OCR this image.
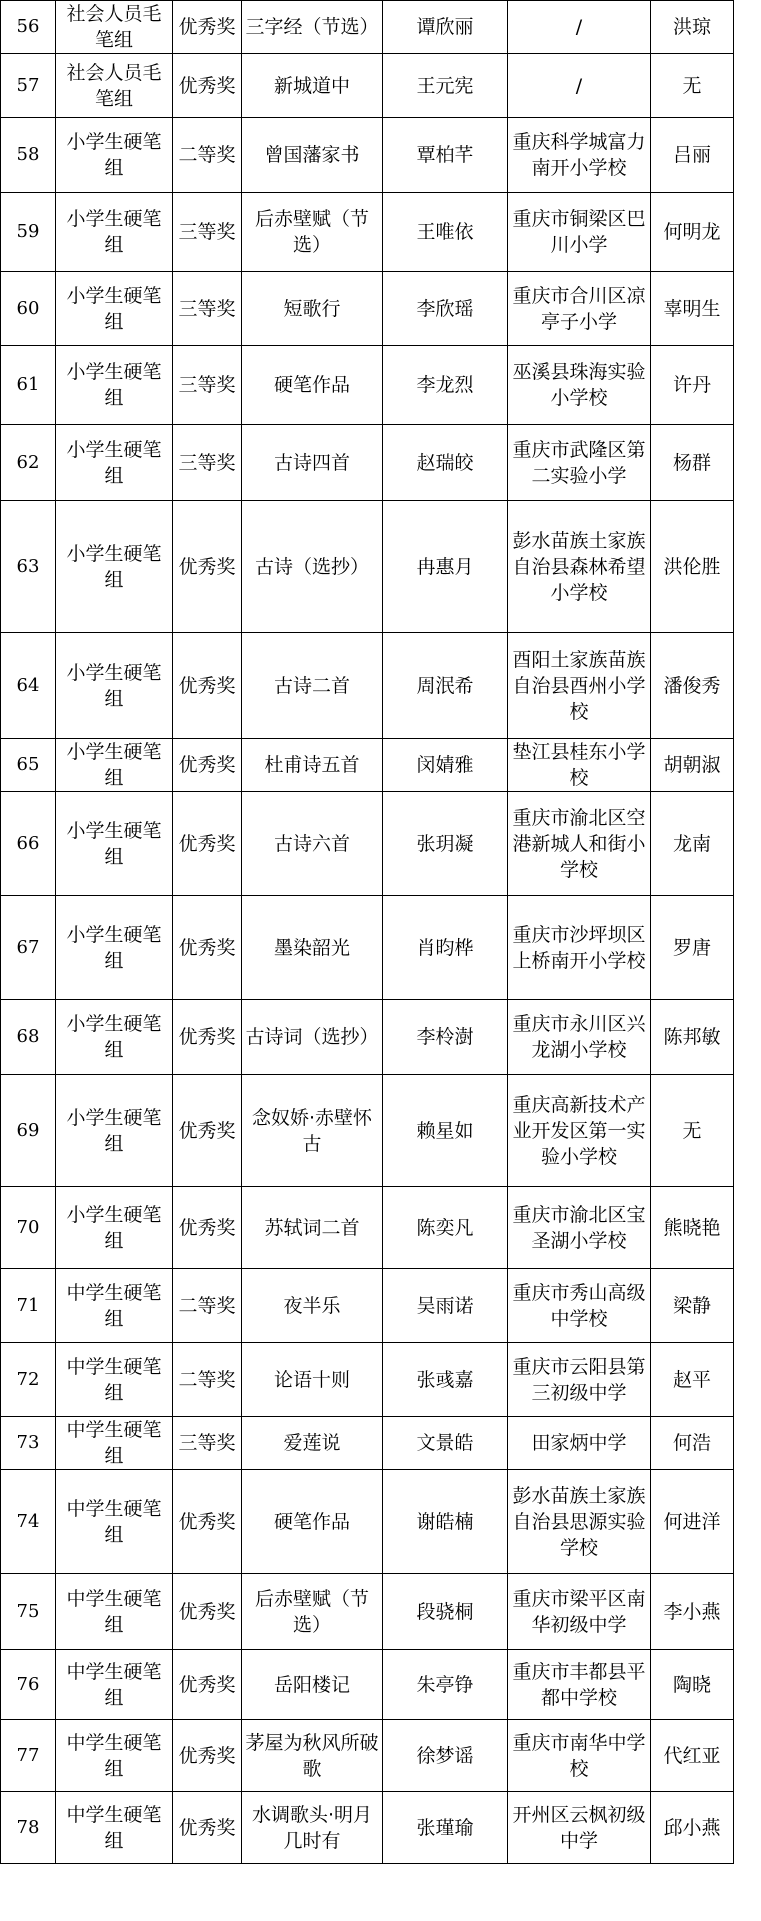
56	社会人员毛笔组	优秀奖	三字经（节选）	谭欣丽	/	洪琼
57	社会人员毛笔组	优秀奖	新城道中	王元宪	/	无
58	小学生硬笔组	二等奖	曾国藩家书	覃柏芊	重庆科学城富力南开小学校	吕丽
59	小学生硬笔组	三等奖	后赤壁赋（节选）	王唯依	重庆市铜梁区巴川小学	何明龙
60	小学生硬笔组	三等奖	短歌行	李欣瑶	重庆市合川区凉亭子小学	辜明生
61	小学生硬笔组	三等奖	硬笔作品	李龙烈	巫溪县珠海实验小学校	许丹
62	小学生硬笔组	三等奖	古诗四首	赵瑞皎	重庆市武隆区第二实验小学	杨群
63	小学生硬笔组	优秀奖	古诗（选抄）	冉惠月	彭水苗族土家族自治县森林希望小学校	洪伦胜
64	小学生硬笔组	优秀奖	古诗二首	周泯希	酉阳土家族苗族自治县酉州小学校	潘俊秀
65	小学生硬笔组	优秀奖	杜甫诗五首	闵婧雅	垫江县桂东小学校	胡朝淑
66	小学生硬笔组	优秀奖	古诗六首	张玥凝	重庆市渝北区空港新城人和街小学校	龙南
67	小学生硬笔组	优秀奖	墨染韶光	肖昀桦	重庆市沙坪坝区上桥南开小学校	罗唐
68	小学生硬笔组	优秀奖	古诗词（选抄）	李柃澍	重庆市永川区兴龙湖小学校	陈邦敏
69	小学生硬笔组	优秀奖	念奴娇·赤壁怀古	赖星如	重庆高新技术产业开发区第一实验小学校	无
70	小学生硬笔组	优秀奖	苏轼词二首	陈奕凡	重庆市渝北区宝圣湖小学校	熊晓艳
71	中学生硬笔组	二等奖	夜半乐	吴雨诺	重庆市秀山高级中学校	梁静
72	中学生硬笔组	二等奖	论语十则	张彧嘉	重庆市云阳县第三初级中学	赵平
73	中学生硬笔组	三等奖	爱莲说	文景皓	田家炳中学	何浩
74	中学生硬笔组	优秀奖	硬笔作品	谢皓楠	彭水苗族土家族自治县思源实验学校	何进洋
75	中学生硬笔组	优秀奖	后赤壁赋（节选）	段骁桐	重庆市梁平区南华初级中学	李小燕
76	中学生硬笔组	优秀奖	岳阳楼记	朱亭铮	重庆市丰都县平都中学校	陶晓
77	中学生硬笔组	优秀奖	茅屋为秋风所破歌	徐梦谣	重庆市南华中学校	代红亚
78	中学生硬笔组	优秀奖	水调歌头·明月几时有	张瑾瑜	开州区云枫初级中学	邱小燕
